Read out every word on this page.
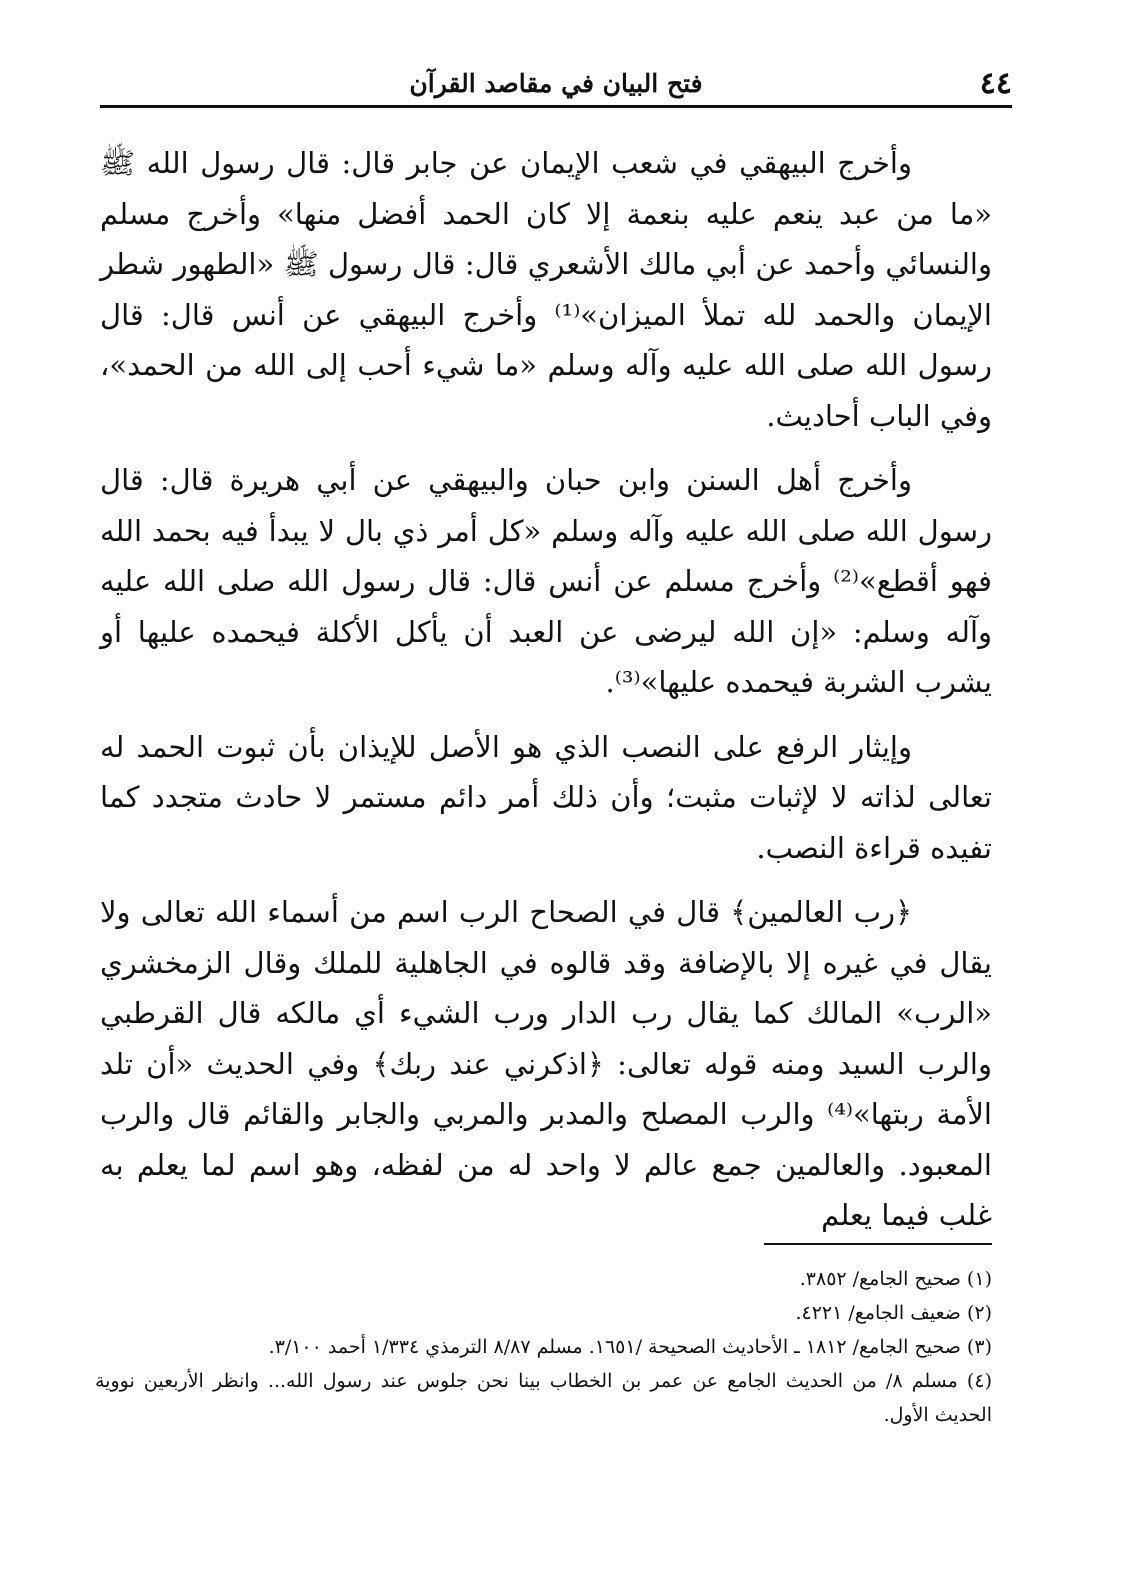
٤٤
فتح البيان في مقاصد القرآن

وأخرج البيهقي في شعب الإيمان عن جابر قال: قال رسول الله ﷺ «ما من عبد ينعم عليه بنعمة إلا كان الحمد أفضل منها» وأخرج مسلم والنسائي وأحمد عن أبي مالك الأشعري قال: قال رسول ﷺ «الطهور شطر الإيمان والحمد لله تملأ الميزان»⁽¹⁾ وأخرج البيهقي عن أنس قال: قال رسول الله صلى الله عليه وآله وسلم «ما شيء أحب إلى الله من الحمد»، وفي الباب أحاديث.

وأخرج أهل السنن وابن حبان والبيهقي عن أبي هريرة قال: قال رسول الله صلى الله عليه وآله وسلم «كل أمر ذي بال لا يبدأ فيه بحمد الله فهو أقطع»⁽²⁾ وأخرج مسلم عن أنس قال: قال رسول الله صلى الله عليه وآله وسلم: «إن الله ليرضى عن العبد أن يأكل الأكلة فيحمده عليها أو يشرب الشربة فيحمده عليها»⁽³⁾.

وإيثار الرفع على النصب الذي هو الأصل للإيذان بأن ثبوت الحمد له تعالى لذاته لا لإثبات مثبت؛ وأن ذلك أمر دائم مستمر لا حادث متجدد كما تفيده قراءة النصب.

﴿رب العالمين﴾ قال في الصحاح الرب اسم من أسماء الله تعالى ولا يقال في غيره إلا بالإضافة وقد قالوه في الجاهلية للملك وقال الزمخشري «الرب» المالك كما يقال رب الدار ورب الشيء أي مالكه قال القرطبي والرب السيد ومنه قوله تعالى: ﴿اذكرني عند ربك﴾ وفي الحديث «أن تلد الأمة ربتها»⁽⁴⁾ والرب المصلح والمدبر والمربي والجابر والقائم قال والرب المعبود. والعالمين جمع عالم لا واحد له من لفظه، وهو اسم لما يعلم به غلب فيما يعلم

(١) صحيح الجامع/ ٣٨٥٢.

(٢) ضعيف الجامع/ ٤٢٢١.

(٣) صحيح الجامع/ ١٨١٢ ـ الأحاديث الصحيحة /١٦٥١. مسلم ٨/٨٧ الترمذي ١/٣٣٤ أحمد ٣/١٠٠.

(٤) مسلم ٨/ من الحديث الجامع عن عمر بن الخطاب بينا نحن جلوس عند رسول الله... وانظر الأربعين نووية الحديث الأول.
